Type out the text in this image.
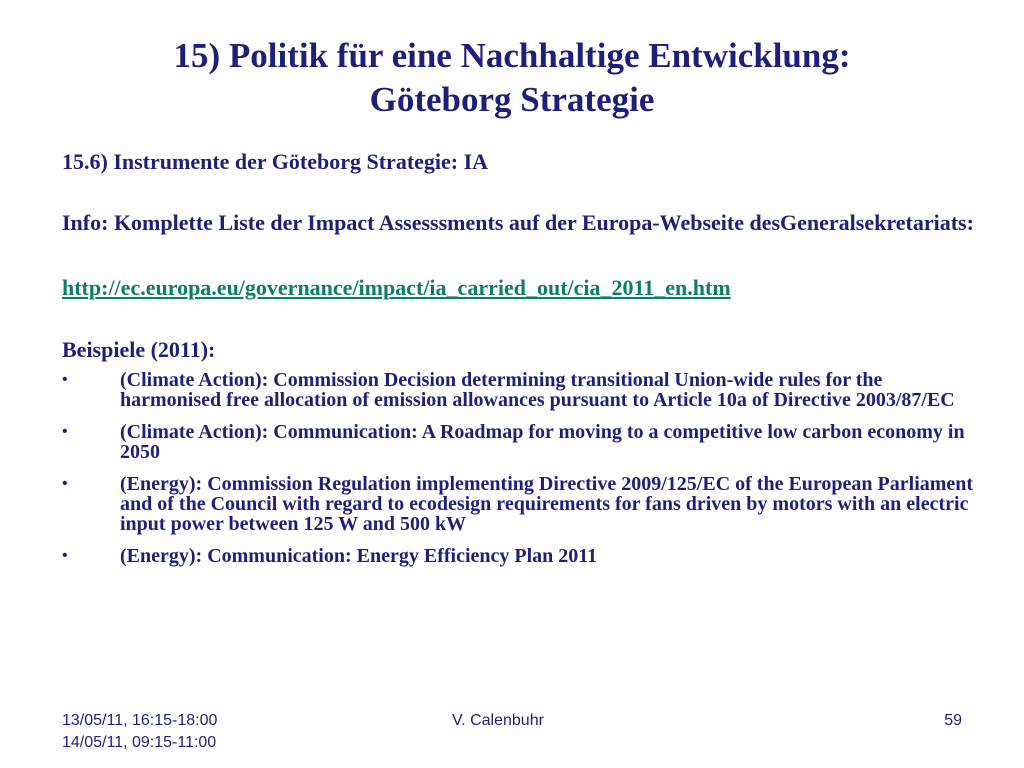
15) Politik für eine Nachhaltige Entwicklung:
Göteborg Strategie

15.6) Instrumente der Göteborg Strategie: IA

Info: Komplette Liste der Impact Assesssments auf der Europa-Webseite desGeneralsekretariats:

http://ec.europa.eu/governance/impact/ia_carried_out/cia_2011_en.htm

Beispiele (2011):

•	(Climate Action): Commission Decision determining transitional Union-wide rules for the harmonised free allocation of emission allowances pursuant to Article 10a of Directive 2003/87/EC
•	(Climate Action): Communication: A Roadmap for moving to a competitive low carbon economy in 2050
•	(Energy): Commission Regulation implementing Directive 2009/125/EC of the European Parliament and of the Council with regard to ecodesign requirements for fans driven by motors with an electric input power between 125 W and 500 kW
•	(Energy): Communication: Energy Efficiency Plan 2011
13/05/11, 16:15-18:00
14/05/11, 09:15-11:00
V. Calenbuhr	59
